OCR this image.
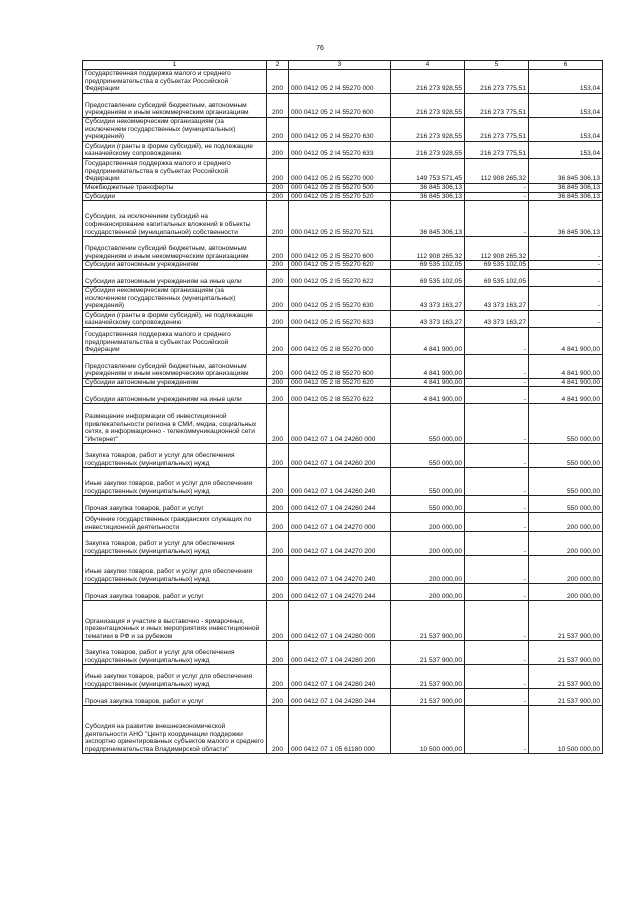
76
1	2	3	4	5	6
Государственная поддержка малого и среднего предпринимательства в субъектах Российской Федерации	200	000 0412 05 2 I4 55270 000	216 273 928,55	216 273 775,51	153,04
Предоставление субсидий бюджетным, автономным учреждениям и иным некоммерческим организациям	200	000 0412 05 2 I4 55270 600	216 273 928,55	216 273 775,51	153,04
Субсидии некоммерческим организациям (за исключением государственных (муниципальных) учреждений)	200	000 0412 05 2 I4 55270 630	216 273 928,55	216 273 775,51	153,04
Субсидии (гранты в форме субсидий), не подлежащие казначейскому сопровождению	200	000 0412 05 2 I4 55270 633	216 273 928,55	216 273 775,51	153,04
Государственная поддержка малого и среднего предпринимательства в субъектах Российской Федерации	200	000 0412 05 2 I5 55270 000	149 753 571,45	112 908 265,32	36 845 306,13
Межбюджетные трансферты	200	000 0412 05 2 I5 55270 500	36 845 306,13	-	36 845 306,13
Субсидии	200	000 0412 05 2 I5 55270 520	36 845 306,13	-	36 845 306,13
Субсидии, за исключением субсидий на софинансирование капитальных вложений в объекты государственной (муниципальной) собственности	200	000 0412 05 2 I5 55270 521	36 845 306,13	-	36 845 306,13
Предоставление субсидий бюджетным, автономным учреждениям и иным некоммерческим организациям	200	000 0412 05 2 I5 55270 600	112 908 265,32	112 908 265,32	-
Субсидии автономным учреждениям	200	000 0412 05 2 I5 55270 620	69 535 102,05	69 535 102,05	-
Субсидии автономным учреждениям на иные цели	200	000 0412 05 2 I5 55270 622	69 535 102,05	69 535 102,05	-
Субсидии некоммерческим организациям (за исключением государственных (муниципальных) учреждений)	200	000 0412 05 2 I5 55270 630	43 373 163,27	43 373 163,27	-
Субсидии (гранты в форме субсидий), не подлежащие казначейскому сопровождению	200	000 0412 05 2 I5 55270 633	43 373 163,27	43 373 163,27	-
Государственная поддержка малого и среднего предпринимательства в субъектах Российской Федерации	200	000 0412 05 2 I8 55270 000	4 841 900,00	-	4 841 900,00
Предоставление субсидий бюджетным, автономным учреждениям и иным некоммерческим организациям	200	000 0412 05 2 I8 55270 600	4 841 900,00	-	4 841 900,00
Субсидии автономным учреждениям	200	000 0412 05 2 I8 55270 620	4 841 900,00	-	4 841 900,00
Субсидии автономным учреждениям на иные цели	200	000 0412 05 2 I8 55270 622	4 841 900,00	-	4 841 900,00
Размещение информации об инвестиционной привлекательности региона в СМИ, медиа, социальных сетях, в информационно - телекоммуникационной сети "Интернет"	200	000 0412 07 1 04 24260 000	550 000,00	-	550 000,00
Закупка товаров, работ и услуг для обеспечения государственных (муниципальных) нужд	200	000 0412 07 1 04 24260 200	550 000,00	-	550 000,00
Иные закупки товаров, работ и услуг для обеспечения государственных (муниципальных) нужд	200	000 0412 07 1 04 24260 240	550 000,00	-	550 000,00
Прочая закупка товаров, работ и услуг	200	000 0412 07 1 04 24260 244	550 000,00	-	550 000,00
Обучение государственных гражданских служащих по инвестиционной деятельности	200	000 0412 07 1 04 24270 000	200 000,00	-	200 000,00
Закупка товаров, работ и услуг для обеспечения государственных (муниципальных) нужд	200	000 0412 07 1 04 24270 200	200 000,00	-	200 000,00
Иные закупки товаров, работ и услуг для обеспечения государственных (муниципальных) нужд	200	000 0412 07 1 04 24270 240	200 000,00	-	200 000,00
Прочая закупка товаров, работ и услуг	200	000 0412 07 1 04 24270 244	200 000,00	-	200 000,00
Организация и участие в выставочно - ярмарочных, презентационных и иных мероприятиях инвестиционной тематики в РФ и за рубежом	200	000 0412 07 1 04 24280 000	21 537 900,00	-	21 537 900,00
Закупка товаров, работ и услуг для обеспечения государственных (муниципальных) нужд	200	000 0412 07 1 04 24280 200	21 537 900,00	-	21 537 900,00
Иные закупки товаров, работ и услуг для обеспечения государственных (муниципальных) нужд	200	000 0412 07 1 04 24280 240	21 537 900,00	-	21 537 900,00
Прочая закупка товаров, работ и услуг	200	000 0412 07 1 04 24280 244	21 537 900,00	-	21 537 900,00
Субсидия на развитие внешнеэкономической деятельности АНО "Центр координации поддержки экспортно ориентированных субъектов малого и среднего предпринимательства Владимирской области"	200	000 0412 07 1 05 61180 000	10 500 000,00	-	10 500 000,00
